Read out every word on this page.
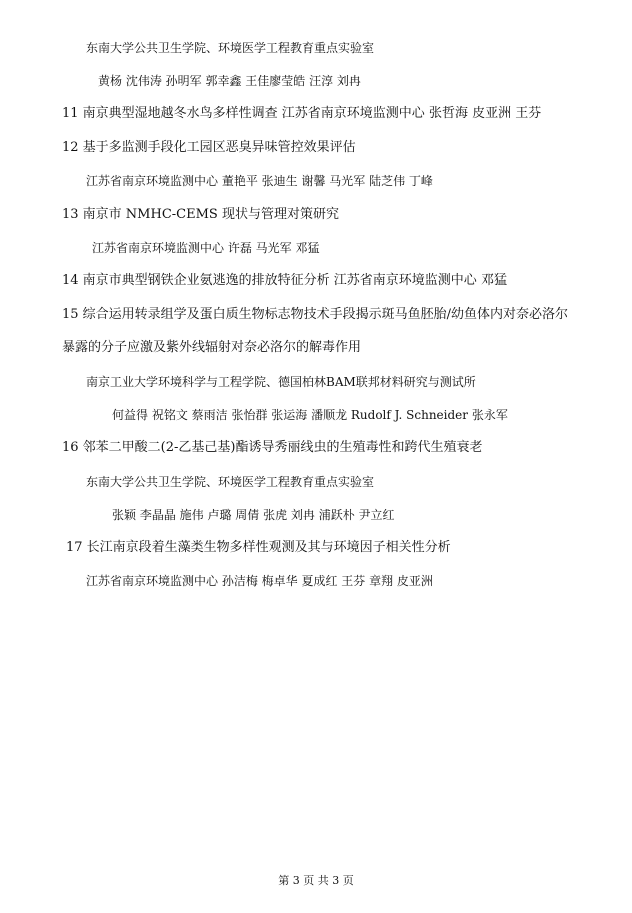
东南大学公共卫生学院、环境医学工程教育重点实验室
黄杨 沈伟涛 孙明军 郭幸鑫 王佳廖莹皓 汪淳 刘冉
11 南京典型湿地越冬水鸟多样性调查 江苏省南京环境监测中心 张哲海 皮亚洲 王芬
12 基于多监测手段化工园区恶臭异味管控效果评估
江苏省南京环境监测中心 董艳平 张迪生 谢馨 马光军 陆芝伟 丁峰
13 南京市 NMHC-CEMS 现状与管理对策研究
江苏省南京环境监测中心 许磊 马光军 邓猛
14 南京市典型钢铁企业氨逃逸的排放特征分析 江苏省南京环境监测中心 邓猛
15 综合运用转录组学及蛋白质生物标志物技术手段揭示斑马鱼胚胎/幼鱼体内对奈必洛尔
暴露的分子应激及紫外线辐射对奈必洛尔的解毒作用
南京工业大学环境科学与工程学院、德国柏林BAM联邦材料研究与测试所
何益得 祝铭文 蔡雨洁 张怡群 张运海 潘顺龙 Rudolf J. Schneider 张永军
16 邻苯二甲酸二(2-乙基己基)酯诱导秀丽线虫的生殖毒性和跨代生殖衰老
东南大学公共卫生学院、环境医学工程教育重点实验室
张颖 李晶晶 施伟 卢璐 周倩 张虎 刘冉 浦跃朴 尹立红
17 长江南京段着生藻类生物多样性观测及其与环境因子相关性分析
江苏省南京环境监测中心 孙洁梅 梅卓华 夏成红 王芬 章翔 皮亚洲
第 3 页 共 3 页
